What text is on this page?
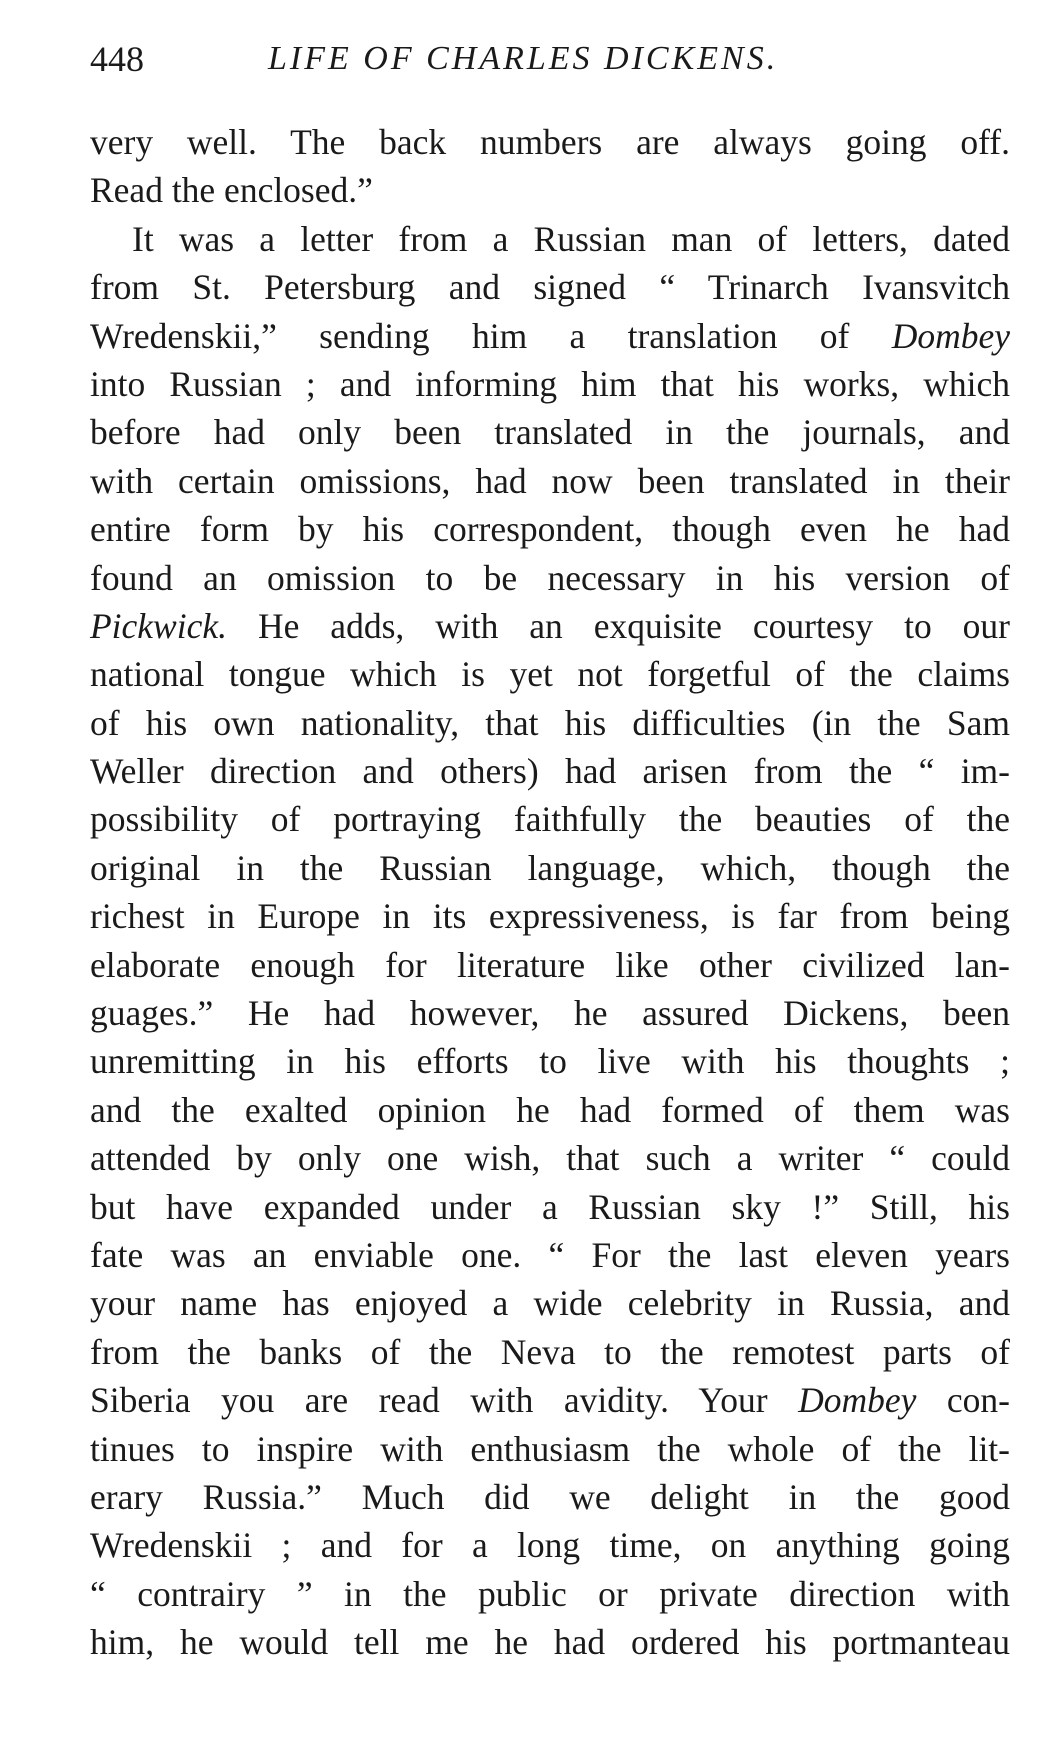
448	LIFE OF CHARLES DICKENS.
very well. The back numbers are always going off.
Read the enclosed.”
It was a letter from a Russian man of letters, dated
from St. Petersburg and signed “ Trinarch Ivansvitch
Wredenskii,” sending him a translation of Dombey
into Russian ; and informing him that his works, which
before had only been translated in the journals, and
with certain omissions, had now been translated in their
entire form by his correspondent, though even he had
found an omission to be necessary in his version of
Pickwick. He adds, with an exquisite courtesy to our
national tongue which is yet not forgetful of the claims
of his own nationality, that his difficulties (in the Sam
Weller direction and others) had arisen from the “ im-
possibility of portraying faithfully the beauties of the
original in the Russian language, which, though the
richest in Europe in its expressiveness, is far from being
elaborate enough for literature like other civilized lan-
guages.” He had however, he assured Dickens, been
unremitting in his efforts to live with his thoughts ;
and the exalted opinion he had formed of them was
attended by only one wish, that such a writer “ could
but have expanded under a Russian sky !” Still, his
fate was an enviable one. “ For the last eleven years
your name has enjoyed a wide celebrity in Russia, and
from the banks of the Neva to the remotest parts of
Siberia you are read with avidity. Your Dombey con-
tinues to inspire with enthusiasm the whole of the lit-
erary Russia.” Much did we delight in the good
Wredenskii ; and for a long time, on anything going
“ contrairy ” in the public or private direction with
him, he would tell me he had ordered his portmanteau
